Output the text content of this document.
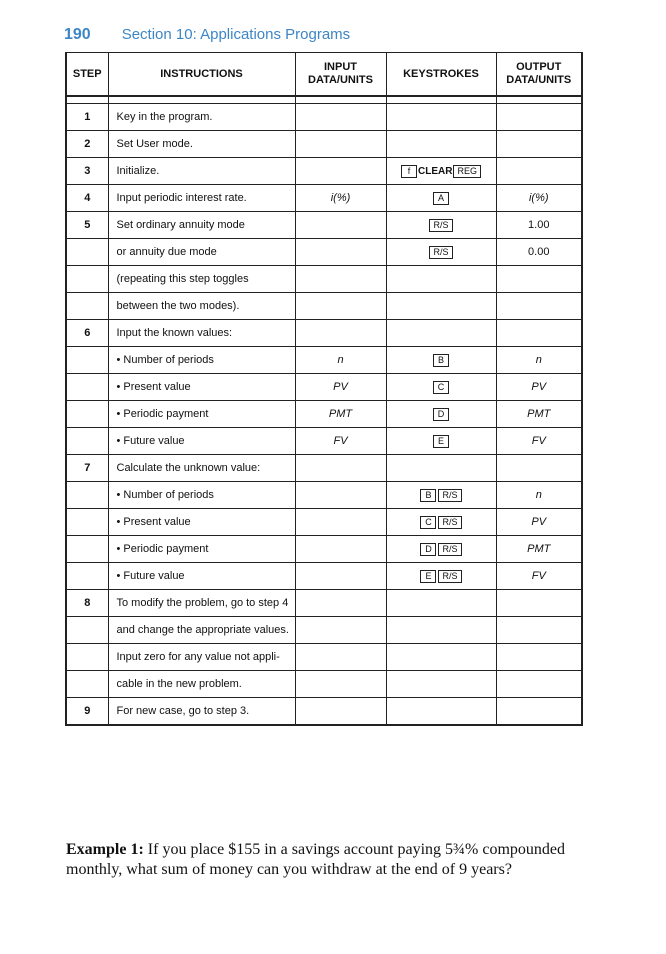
190 Section 10: Applications Programs
STEP	INSTRUCTIONS	INPUT DATA/UNITS	KEYSTROKES	OUTPUT DATA/UNITS

1	Key in the program.			
2	Set User mode.			
3	Initialize.		f CLEAR REG	
4	Input periodic interest rate.	i(%)	A	i(%)
5	Set ordinary annuity mode		R/S	1.00
	or annuity due mode		R/S	0.00
	(repeating this step toggles			
	between the two modes).			
6	Input the known values:			
	• Number of periods	n	B	n
	• Present value	PV	C	PV
	• Periodic payment	PMT	D	PMT
	• Future value	FV	E	FV
7	Calculate the unknown value:			
	• Number of periods		B R/S	n
	• Present value		C R/S	PV
	• Periodic payment		D R/S	PMT
	• Future value		E R/S	FV
8	To modify the problem, go to step 4			
	and change the appropriate values.			
	Input zero for any value not appli-			
	cable in the new problem.			
9	For new case, go to step 3.			
Example 1: If you place $155 in a savings account paying 5¾% compounded monthly, what sum of money can you withdraw at the end of 9 years?
